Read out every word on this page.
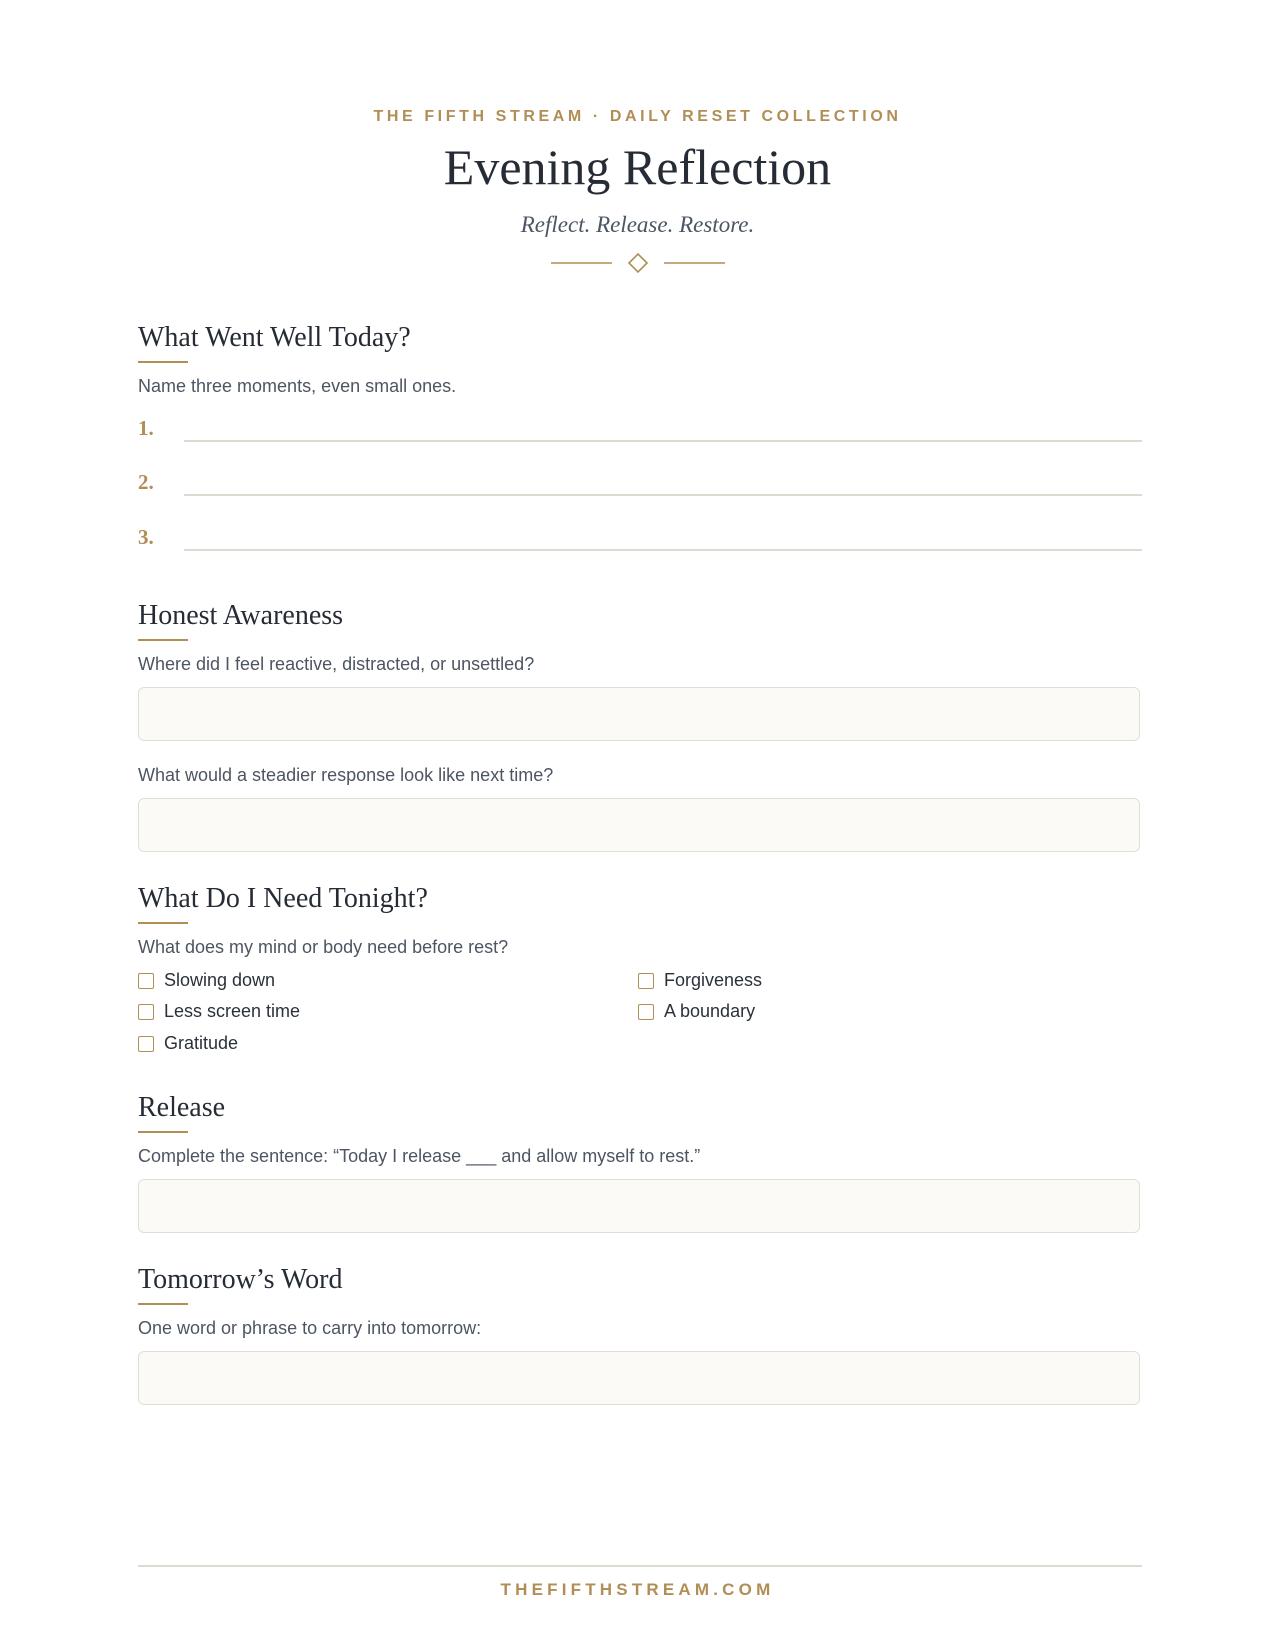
THE FIFTH STREAM · DAILY RESET COLLECTION
Evening Reflection
Reflect. Release. Restore.
What Went Well Today?
Name three moments, even small ones.
1.
2.
3.
Honest Awareness
Where did I feel reactive, distracted, or unsettled?
What would a steadier response look like next time?
What Do I Need Tonight?
What does my mind or body need before rest?
Slowing down
Less screen time
Gratitude
Forgiveness
A boundary
Release
Complete the sentence: “Today I release ___ and allow myself to rest.”
Tomorrow’s Word
One word or phrase to carry into tomorrow:
THEFIFTHSTREAM.COM
